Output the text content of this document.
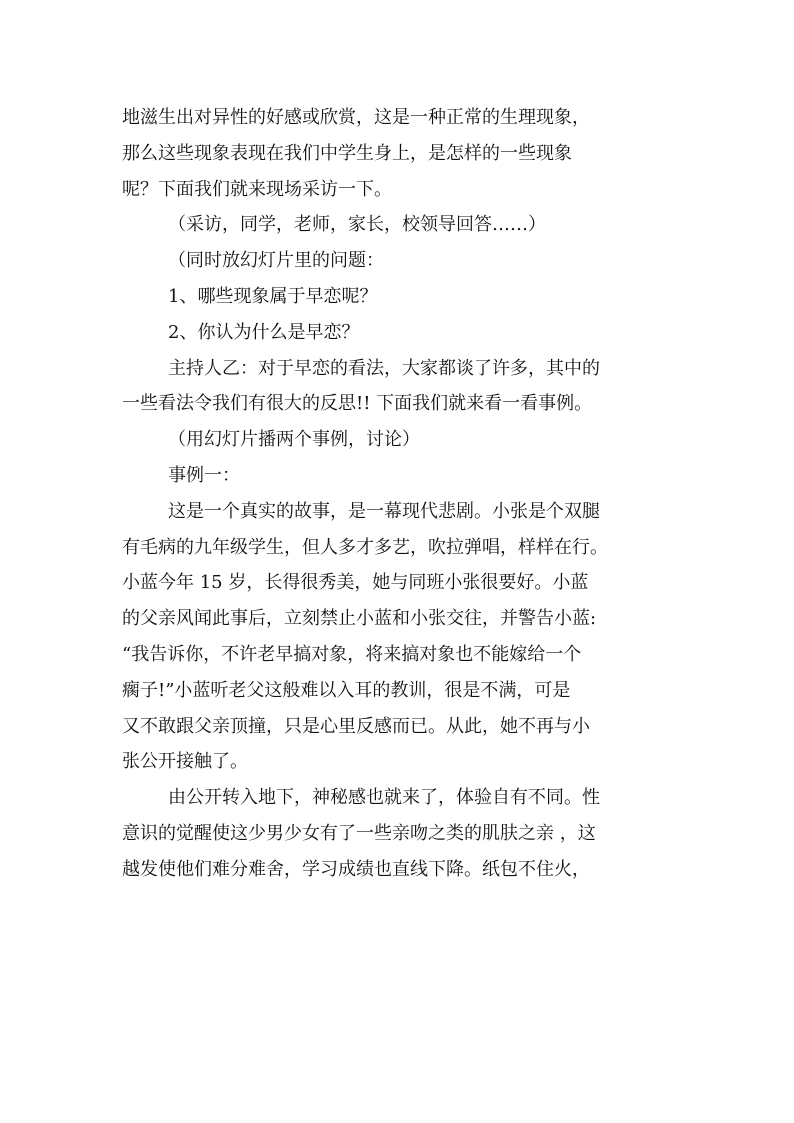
地滋生出对异性的好感或欣赏，这是一种正常的生理现象，
那么这些现象表现在我们中学生身上，是怎样的一些现象
呢？下面我们就来现场采访一下。
（采访，同学，老师，家长，校领导回答……）
（同时放幻灯片里的问题：
1、哪些现象属于早恋呢？
2、你认为什么是早恋？
主持人乙：对于早恋的看法，大家都谈了许多，其中的
一些看法令我们有很大的反思!! 下面我们就来看一看事例。
（用幻灯片播两个事例，讨论）
事例一：
这是一个真实的故事，是一幕现代悲剧。小张是个双腿
有毛病的九年级学生，但人多才多艺，吹拉弹唱，样样在行。
小蓝今年 15 岁，长得很秀美，她与同班小张很要好。小蓝
的父亲风闻此事后，立刻禁止小蓝和小张交往，并警告小蓝:
“我告诉你，不许老早搞对象，将来搞对象也不能嫁给一个
瘸子!”小蓝听老父这般难以入耳的教训，很是不满，可是
又不敢跟父亲顶撞，只是心里反感而已。从此，她不再与小
张公开接触了。
由公开转入地下，神秘感也就来了，体验自有不同。性
意识的觉醒使这少男少女有了一些亲吻之类的肌肤之亲 ，这
越发使他们难分难舍，学习成绩也直线下降。纸包不住火，
